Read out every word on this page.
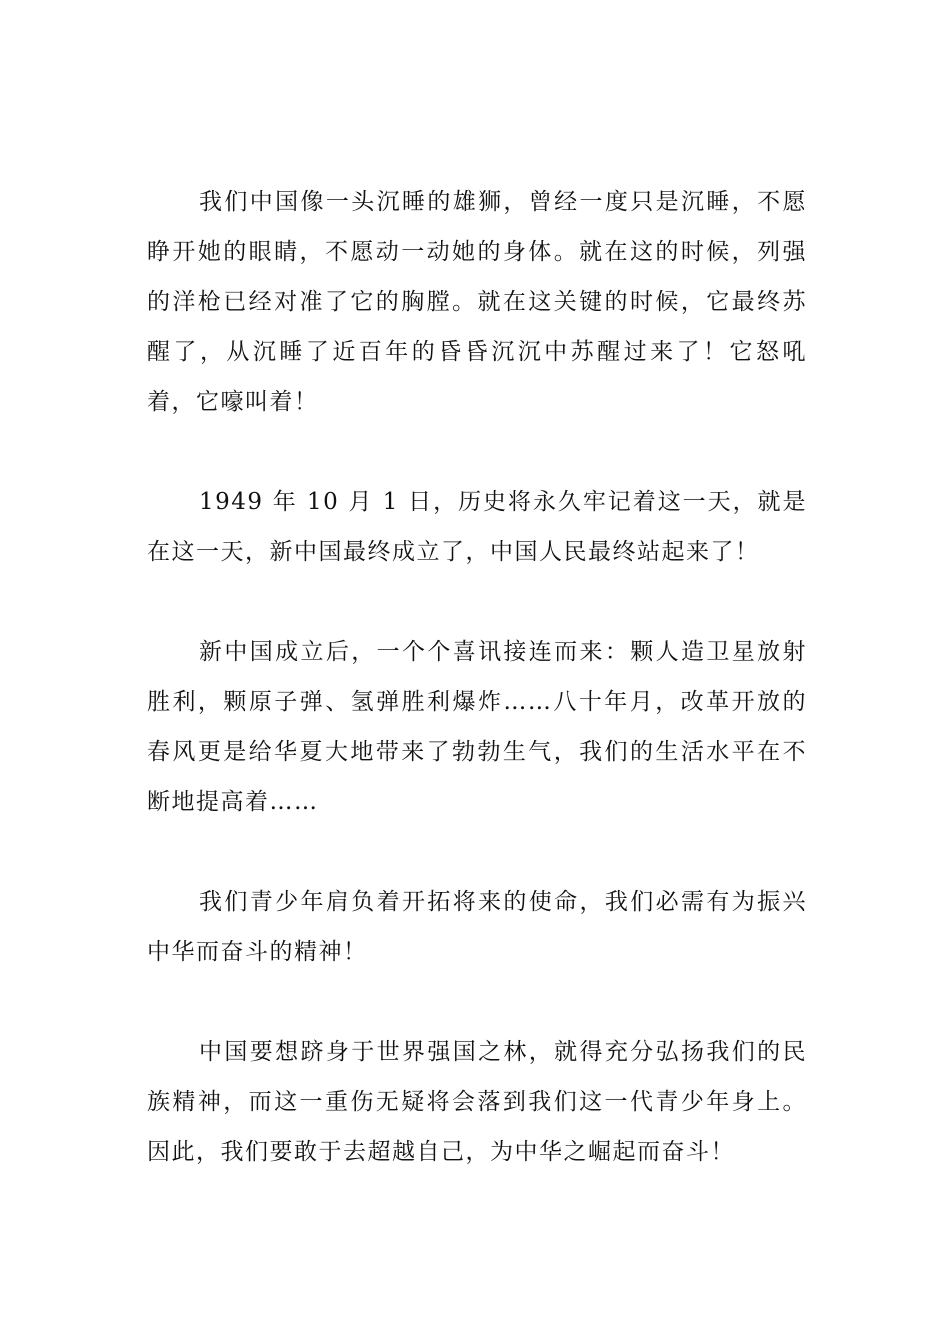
我们中国像一头沉睡的雄狮，曾经一度只是沉睡，不愿睁开她的眼睛，不愿动一动她的身体。就在这的时候，列强的洋枪已经对准了它的胸膛。就在这关键的时候，它最终苏醒了，从沉睡了近百年的昏昏沉沉中苏醒过来了！它怒吼着，它嚎叫着！

1949 年 10 月 1 日，历史将永久牢记着这一天，就是在这一天，新中国最终成立了，中国人民最终站起来了！

新中国成立后，一个个喜讯接连而来：颗人造卫星放射胜利，颗原子弹、氢弹胜利爆炸……八十年月，改革开放的春风更是给华夏大地带来了勃勃生气，我们的生活水平在不断地提高着……

我们青少年肩负着开拓将来的使命，我们必需有为振兴中华而奋斗的精神！

中国要想跻身于世界强国之林，就得充分弘扬我们的民族精神，而这一重伤无疑将会落到我们这一代青少年身上。因此，我们要敢于去超越自己，为中华之崛起而奋斗！
